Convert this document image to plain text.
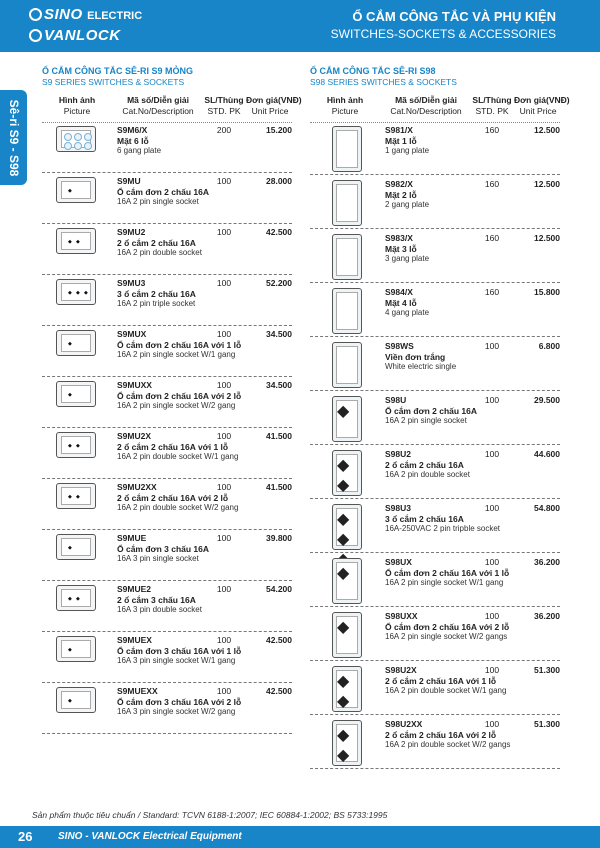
SINO ELECTRIC
VANLOCK
Ổ CẮM CÔNG TẮC VÀ PHỤ KIỆN
SWITCHES-SOCKETS & ACCESSORIES
Sê-ri S9 - S98
Ổ CẮM CÔNG TẮC SÊ-RI S9 MỎNG
S9 SERIES SWITCHES & SOCKETS
Hình ảnh
Picture
Mã số/Diễn giải
Cat.No/Description
SL/Thùng
STD. PK
Đơn giá(VNĐ)
Unit Price
S9M6/X	200	15.200
Mặt 6 lỗ
6 gang plate
◆
S9MU	100	28.000
Ổ cắm đơn 2 chấu 16A
16A 2 pin single socket
◆ ◆
S9MU2	100	42.500
2 ổ cắm 2 chấu 16A
16A 2 pin double socket
◆ ◆ ◆
S9MU3	100	52.200
3 ổ cắm 2 chấu 16A
16A 2 pin triple socket
◆
S9MUX	100	34.500
Ổ cắm đơn 2 chấu 16A với 1 lỗ
16A 2 pin single socket W/1 gang
◆
S9MUXX	100	34.500
Ổ cắm đơn 2 chấu 16A với 2 lỗ
16A 2 pin single socket W/2 gang
◆ ◆
S9MU2X	100	41.500
2 ổ cắm 2 chấu 16A với 1 lỗ
16A 2 pin double socket W/1 gang
◆ ◆
S9MU2XX	100	41.500
2 ổ cắm 2 chấu 16A với 2 lỗ
16A 2 pin double socket W/2 gang
◆
S9MUE	100	39.800
Ổ cắm đơn 3 chấu 16A
16A 3 pin single socket
◆ ◆
S9MUE2	100	54.200
2 ổ cắm 3 chấu 16A
16A 3 pin double socket
◆
S9MUEX	100	42.500
Ổ cắm đơn 3 chấu 16A với 1 lỗ
16A 3 pin single socket W/1 gang
◆
S9MUEXX	100	42.500
Ổ cắm đơn 3 chấu 16A với 2 lỗ
16A 3 pin single socket W/2 gang
Ổ CẮM CÔNG TẮC SÊ-RI S98
S98 SERIES SWITCHES & SOCKETS
Hình ảnh
Picture
Mã số/Diễn giải
Cat.No/Description
SL/Thùng
STD. PK
Đơn giá(VNĐ)
Unit Price
S981/X	160	12.500
Mặt 1 lỗ
1 gang plate
S982/X	160	12.500
Mặt 2 lỗ
2 gang plate
S983/X	160	12.500
Mặt 3 lỗ
3 gang plate
S984/X	160	15.800
Mặt 4 lỗ
4 gang plate
S98WS	100	6.800
Viền đơn trắng
White electric single
◆
S98U	100	29.500
Ổ cắm đơn 2 chấu 16A
16A 2 pin single socket
◆
◆
S98U2	100	44.600
2 ổ cắm 2 chấu 16A
16A 2 pin double socket
◆
◆
S98U3	100	54.800
3 ổ cắm 2 chấu 16A
16A-250VAC 2 pin tripble socket
◆
S98UX	100	36.200
Ổ cắm đơn 2 chấu 16A với 1 lỗ
16A 2 pin single socket W/1 gang
◆
S98UXX	100	36.200
Ổ cắm đơn 2 chấu 16A với 2 lỗ
16A 2 pin single socket W/2 gangs
◆
◆
S98U2X	100	51.300
2 ổ cắm 2 chấu 16A với 1 lỗ
16A 2 pin double socket W/1 gang
◆
◆
S98U2XX	100	51.300
2 ổ cắm 2 chấu 16A với 2 lỗ
16A 2 pin double socket W/2 gangs
Sản phẩm thuộc tiêu chuẩn / Standard: TCVN 6188-1:2007; IEC 60884-1:2002; BS 5733:1995
26	SINO - VANLOCK Electrical Equipment
